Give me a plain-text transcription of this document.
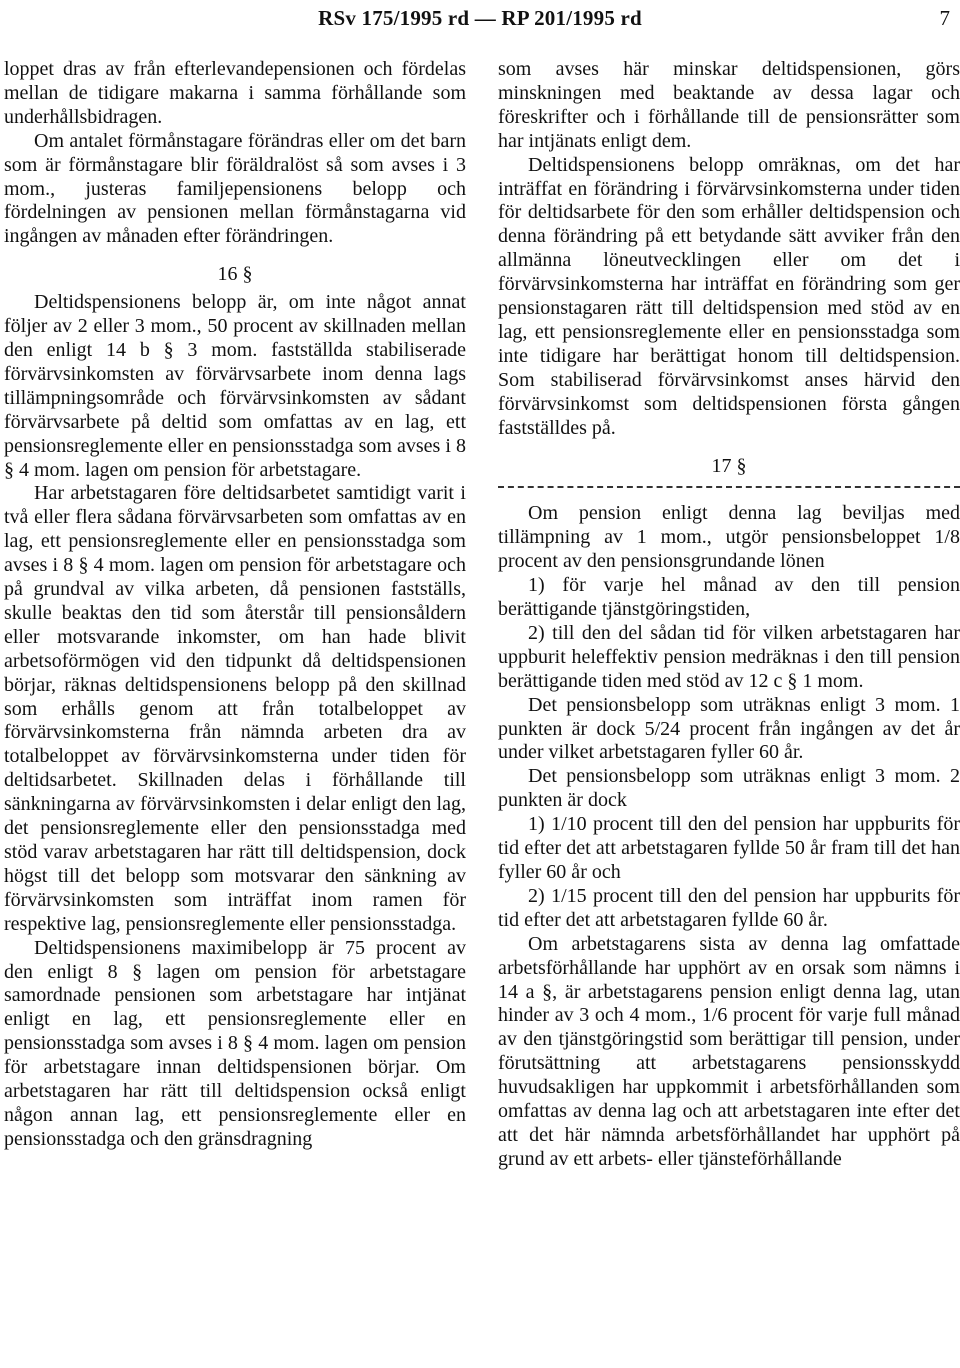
RSv 175/1995 rd — RP 201/1995 rd	7

loppet dras av från efterlevandepensionen och fördelas mellan de tidigare makarna i samma förhållande som underhållsbidragen.

Om antalet förmånstagare förändras eller om det barn som är förmånstagare blir föräldralöst så som avses i 3 mom., justeras familjepensionens belopp och fördelningen av pensionen mellan förmånstagarna vid ingången av månaden efter förändringen.

16 §

Deltidspensionens belopp är, om inte något annat följer av 2 eller 3 mom., 50 procent av skillnaden mellan den enligt 14 b § 3 mom. fastställda stabiliserade förvärvsinkomsten av förvärvsarbete inom denna lags tillämpningsområde och förvärvsinkomsten av sådant förvärvsarbete på deltid som omfattas av en lag, ett pensionsreglemente eller en pensionsstadga som avses i 8 § 4 mom. lagen om pension för arbetstagare.

Har arbetstagaren före deltidsarbetet samtidigt varit i två eller flera sådana förvärvsarbeten som omfattas av en lag, ett pensionsreglemente eller en pensionsstadga som avses i 8 § 4 mom. lagen om pension för arbetstagare och på grundval av vilka arbeten, då pensionen fastställs, skulle beaktas den tid som återstår till pensionsåldern eller motsvarande inkomster, om han hade blivit arbetsoförmögen vid den tidpunkt då deltidspensionen börjar, räknas deltidspensionens belopp på den skillnad som erhålls genom att från totalbeloppet av förvärvsinkomsterna från nämnda arbeten dra av totalbeloppet av förvärvsinkomsterna under tiden för deltidsarbetet. Skillnaden delas i förhållande till sänkningarna av förvärvsinkomsten i delar enligt den lag, det pensionsreglemente eller den pensionsstadga med stöd varav arbetstagaren har rätt till deltidspension, dock högst till det belopp som motsvarar den sänkning av förvärvsinkomsten som inträffat inom ramen för respektive lag, pensionsreglemente eller pensionsstadga.

Deltidspensionens maximibelopp är 75 procent av den enligt 8 § lagen om pension för arbetstagare samordnade pensionen som arbetstagare har intjänat enligt en lag, ett pensionsreglemente eller en pensionsstadga som avses i 8 § 4 mom. lagen om pension för arbetstagare innan deltidspensionen börjar. Om arbetstagaren har rätt till deltidspension också enligt någon annan lag, ett pensionsreglemente eller en pensionsstadga och den gränsdragning

som avses här minskar deltidspensionen, görs minskningen med beaktande av dessa lagar och föreskrifter och i förhållande till de pensionsrätter som har intjänats enligt dem.

Deltidspensionens belopp omräknas, om det har inträffat en förändring i förvärvsinkomsterna under tiden för deltidsarbete för den som erhåller deltidspension och denna förändring på ett betydande sätt avviker från den allmänna löneutvecklingen eller om det i förvärvsinkomsterna har inträffat en förändring som ger pensionstagaren rätt till deltidspension med stöd av en lag, ett pensionsreglemente eller en pensionsstadga som inte tidigare har berättigat honom till deltidspension. Som stabiliserad förvärvsinkomst anses härvid den förvärvsinkomst som deltidspensionen första gången fastställdes på.

17 §

Om pension enligt denna lag beviljas med tillämpning av 1 mom., utgör pensionsbeloppet 1/8 procent av den pensionsgrundande lönen

1) för varje hel månad av den till pension berättigande tjänstgöringstiden,

2) till den del sådan tid för vilken arbetstagaren har uppburit heleffektiv pension medräknas i den till pension berättigande tiden med stöd av 12 c § 1 mom.

Det pensionsbelopp som uträknas enligt 3 mom. 1 punkten är dock 5/24 procent från ingången av det år under vilket arbetstagaren fyller 60 år.

Det pensionsbelopp som uträknas enligt 3 mom. 2 punkten är dock

1) 1/10 procent till den del pension har uppburits för tid efter det att arbetstagaren fyllde 50 år fram till det han fyller 60 år och

2) 1/15 procent till den del pension har uppburits för tid efter det att arbetstagaren fyllde 60 år.

Om arbetstagarens sista av denna lag omfattade arbetsförhållande har upphört av en orsak som nämns i 14 a §, är arbetstagarens pension enligt denna lag, utan hinder av 3 och 4 mom., 1/6 procent för varje full månad av den tjänstgöringstid som berättigar till pension, under förutsättning att arbetstagarens pensionsskydd huvudsakligen har uppkommit i arbetsförhållanden som omfattas av denna lag och att arbetstagaren inte efter det att det här nämnda arbetsförhållandet har upphört på grund av ett arbets- eller tjänsteförhållande
